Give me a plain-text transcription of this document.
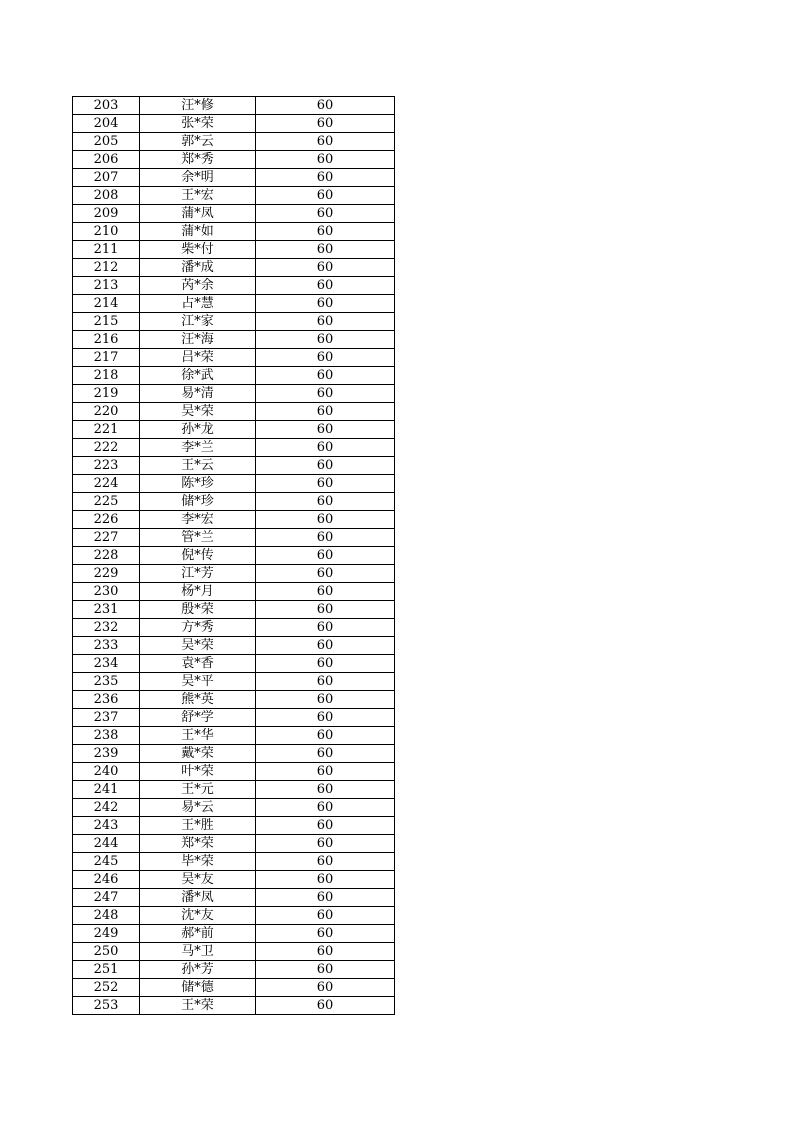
203	汪*修	60
204	张*荣	60
205	郭*云	60
206	郑*秀	60
207	余*明	60
208	王*宏	60
209	蒲*凤	60
210	蒲*如	60
211	柴*付	60
212	潘*成	60
213	芮*余	60
214	占*慧	60
215	江*家	60
216	汪*海	60
217	吕*荣	60
218	徐*武	60
219	易*清	60
220	吴*荣	60
221	孙*龙	60
222	李*兰	60
223	王*云	60
224	陈*珍	60
225	储*珍	60
226	李*宏	60
227	管*兰	60
228	倪*传	60
229	江*芳	60
230	杨*月	60
231	殷*荣	60
232	方*秀	60
233	吴*荣	60
234	袁*香	60
235	吴*平	60
236	熊*英	60
237	舒*学	60
238	王*华	60
239	戴*荣	60
240	叶*荣	60
241	王*元	60
242	易*云	60
243	王*胜	60
244	郑*荣	60
245	毕*荣	60
246	吴*友	60
247	潘*凤	60
248	沈*友	60
249	郝*前	60
250	马*卫	60
251	孙*芳	60
252	储*德	60
253	王*荣	60
